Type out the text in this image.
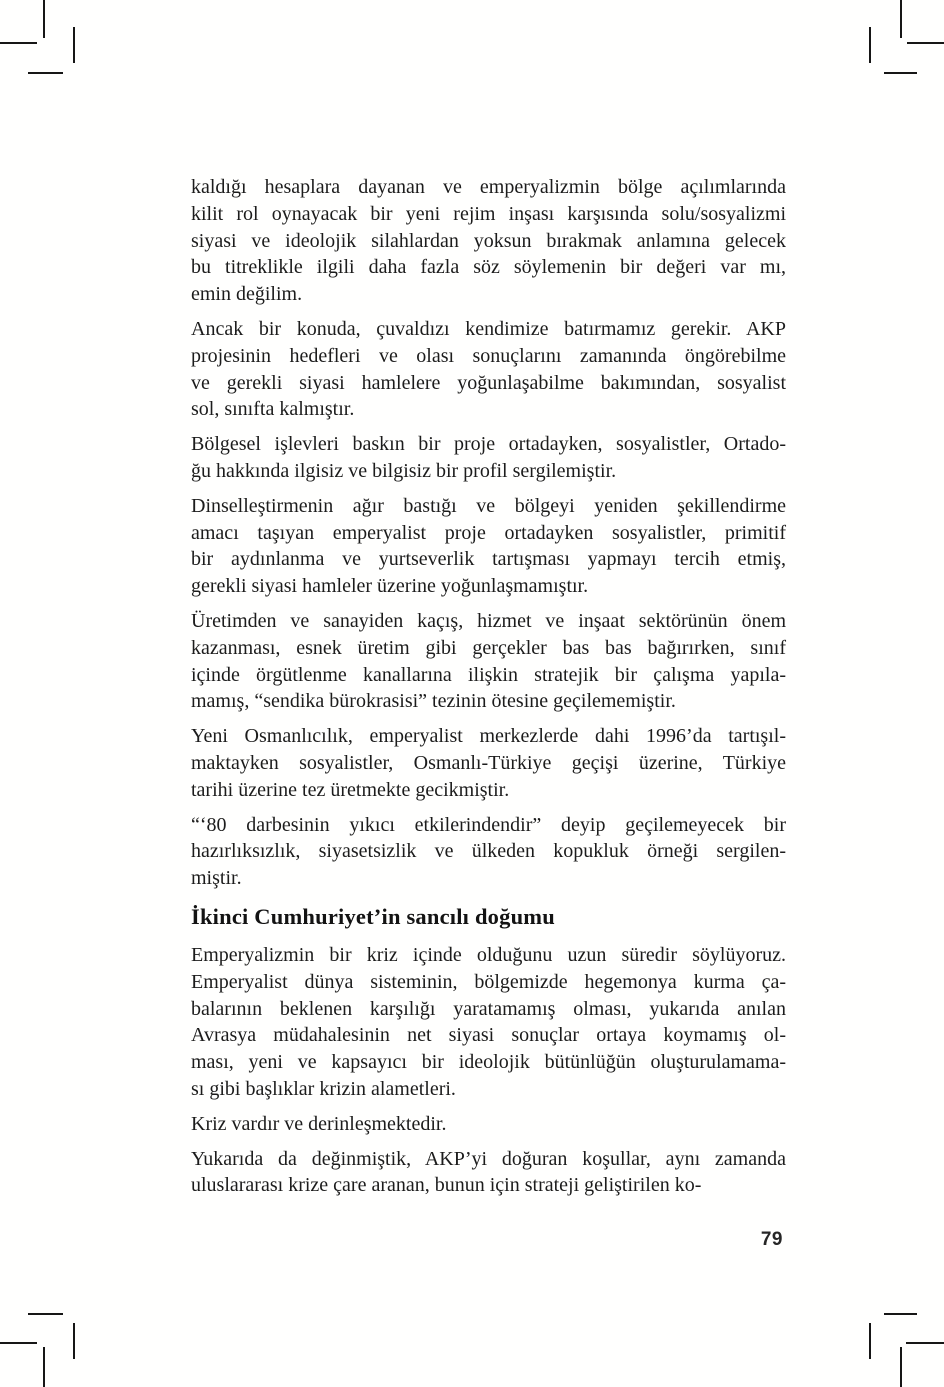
kaldığı hesaplara dayanan ve emperyalizmin bölge açılımlarında
kilit rol oynayacak bir yeni rejim inşası karşısında solu/sosyalizmi
siyasi ve ideolojik silahlardan yoksun bırakmak anlamına gelecek
bu titreklikle ilgili daha fazla söz söylemenin bir değeri var mı,
emin değilim.
Ancak bir konuda, çuvaldızı kendimize batırmamız gerekir. AKP
projesinin hedefleri ve olası sonuçlarını zamanında öngörebilme
ve gerekli siyasi hamlelere yoğunlaşabilme bakımından, sosyalist
sol, sınıfta kalmıştır.
Bölgesel işlevleri baskın bir proje ortadayken, sosyalistler, Ortado-
ğu hakkında ilgisiz ve bilgisiz bir profil sergilemiştir.
Dinselleştirmenin ağır bastığı ve bölgeyi yeniden şekillendirme
amacı taşıyan emperyalist proje ortadayken sosyalistler, primitif
bir aydınlanma ve yurtseverlik tartışması yapmayı tercih etmiş,
gerekli siyasi hamleler üzerine yoğunlaşmamıştır.
Üretimden ve sanayiden kaçış, hizmet ve inşaat sektörünün önem
kazanması, esnek üretim gibi gerçekler bas bas bağırırken, sınıf
içinde örgütlenme kanallarına ilişkin stratejik bir çalışma yapıla-
mamış, “sendika bürokrasisi” tezinin ötesine geçilememiştir.
Yeni Osmanlıcılık, emperyalist merkezlerde dahi 1996’da tartışıl-
maktayken sosyalistler, Osmanlı-Türkiye geçişi üzerine, Türkiye
tarihi üzerine tez üretmekte gecikmiştir.
“‘80 darbesinin yıkıcı etkilerindendir” deyip geçilemeyecek bir
hazırlıksızlık, siyasetsizlik ve ülkeden kopukluk örneği sergilen-
miştir.
İkinci Cumhuriyet’in sancılı doğumu
Emperyalizmin bir kriz içinde olduğunu uzun süredir söylüyoruz.
Emperyalist dünya sisteminin, bölgemizde hegemonya kurma ça-
balarının beklenen karşılığı yaratamamış olması, yukarıda anılan
Avrasya müdahalesinin net siyasi sonuçlar ortaya koymamış ol-
ması, yeni ve kapsayıcı bir ideolojik bütünlüğün oluşturulamama-
sı gibi başlıklar krizin alametleri.
Kriz vardır ve derinleşmektedir.
Yukarıda da değinmiştik, AKP’yi doğuran koşullar, aynı zamanda
uluslararası krize çare aranan, bunun için strateji geliştirilen ko-
79
